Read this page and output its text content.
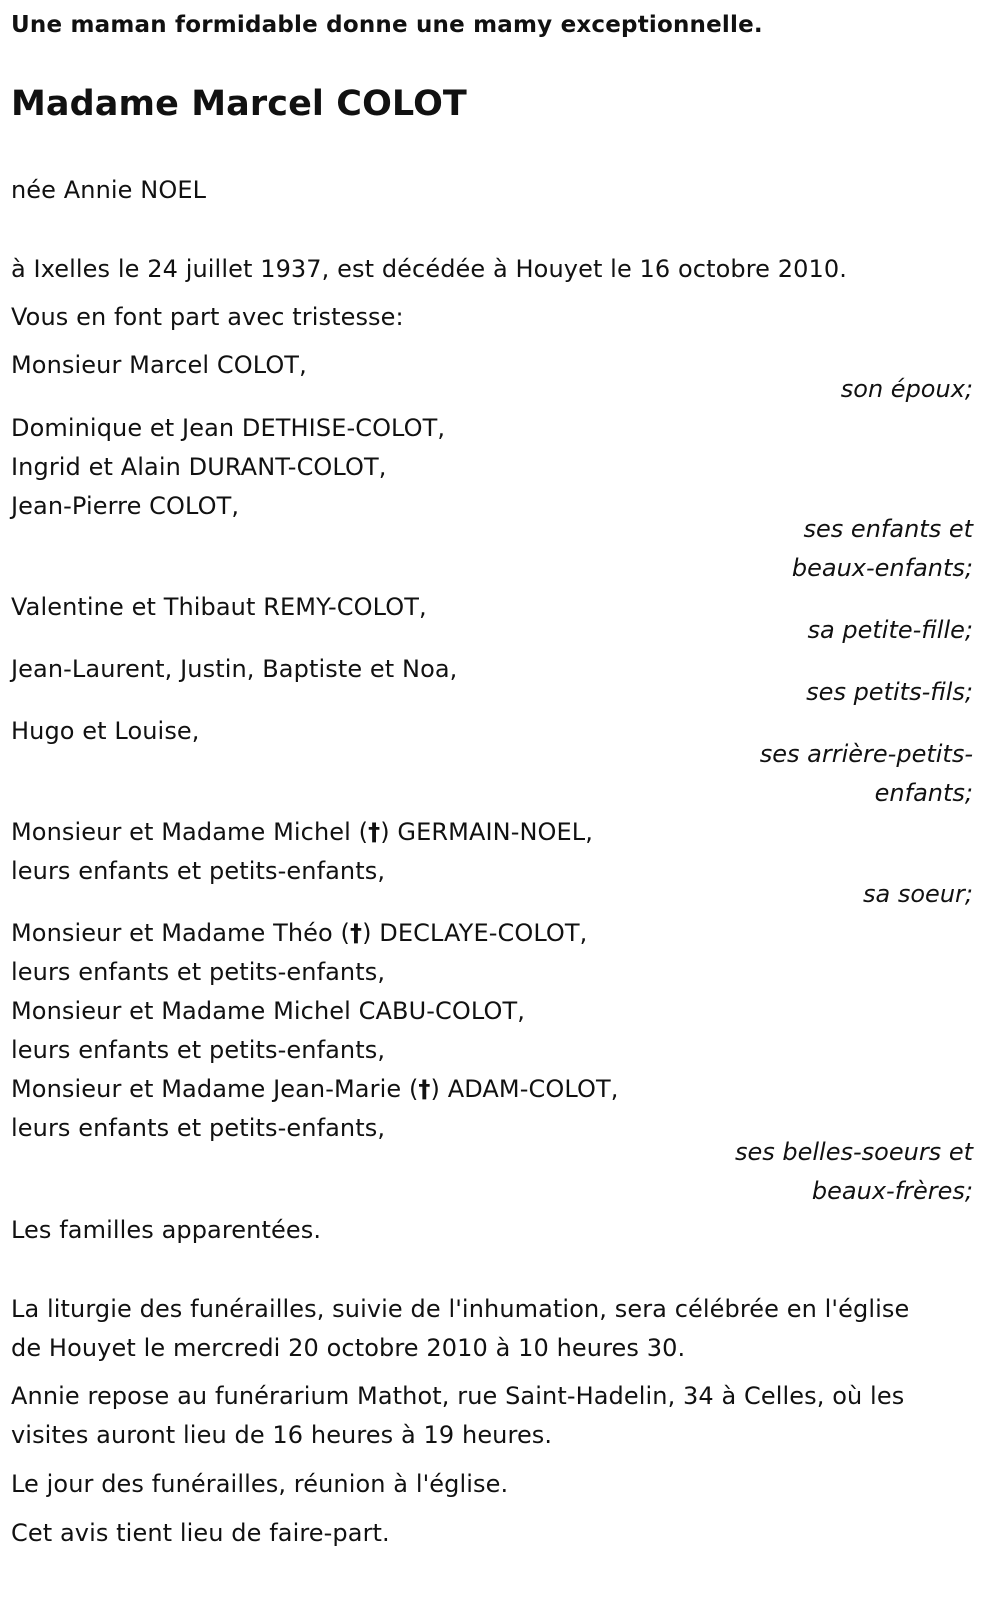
Une maman formidable donne une mamy exceptionnelle.
Madame Marcel COLOT
née Annie NOEL
à Ixelles le 24 juillet 1937, est décédée à Houyet le 16 octobre 2010.
Vous en font part avec tristesse:
Monsieur Marcel COLOT,
son époux;
Dominique et Jean DETHISE-COLOT,
Ingrid et Alain DURANT-COLOT,
Jean-Pierre COLOT,
ses enfants et
beaux-enfants;
Valentine et Thibaut REMY-COLOT,
sa petite-fille;
Jean-Laurent, Justin, Baptiste et Noa,
ses petits-fils;
Hugo et Louise,
ses arrière-petits-
enfants;
Monsieur et Madame Michel (†) GERMAIN-NOEL,
leurs enfants et petits-enfants,
sa soeur;
Monsieur et Madame Théo (†) DECLAYE-COLOT,
leurs enfants et petits-enfants,
Monsieur et Madame Michel CABU-COLOT,
leurs enfants et petits-enfants,
Monsieur et Madame Jean-Marie (†) ADAM-COLOT,
leurs enfants et petits-enfants,
ses belles-soeurs et
beaux-frères;
Les familles apparentées.
La liturgie des funérailles, suivie de l'inhumation, sera célébrée en l'église
de Houyet le mercredi 20 octobre 2010 à 10 heures 30.
Annie repose au funérarium Mathot, rue Saint-Hadelin, 34 à Celles, où les
visites auront lieu de 16 heures à 19 heures.
Le jour des funérailles, réunion à l'église.
Cet avis tient lieu de faire-part.
